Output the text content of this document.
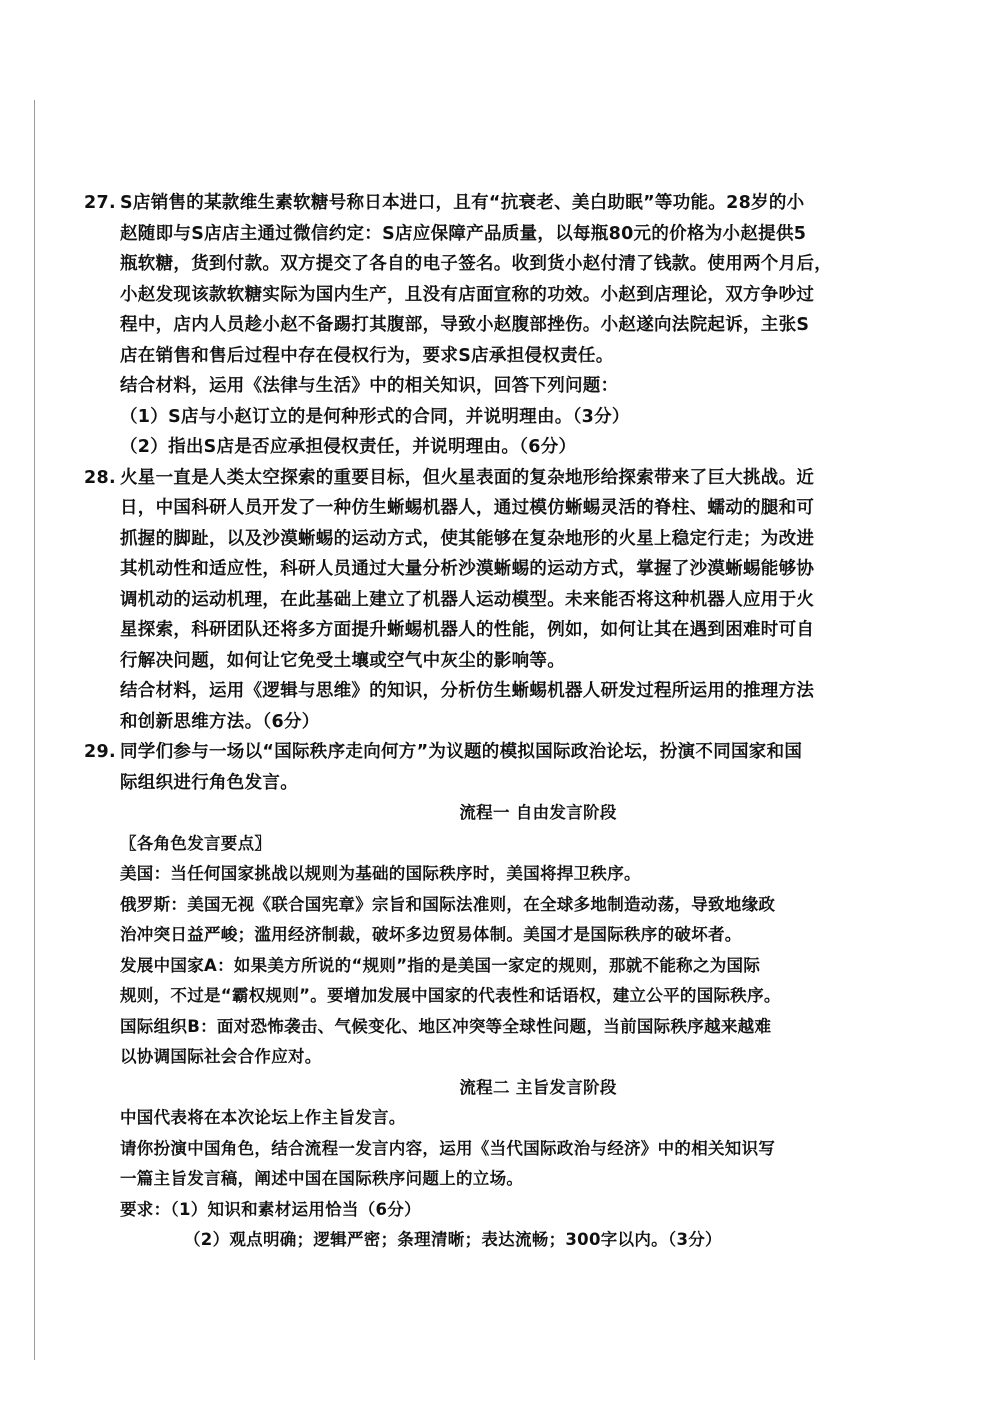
27. S店销售的某款维生素软糖号称日本进口，且有“抗衰老、美白助眠”等功能。28岁的小
赵随即与S店店主通过微信约定：S店应保障产品质量，以每瓶80元的价格为小赵提供5
瓶软糖，货到付款。双方提交了各自的电子签名。收到货小赵付清了钱款。使用两个月后，
小赵发现该款软糖实际为国内生产，且没有店面宣称的功效。小赵到店理论，双方争吵过
程中，店内人员趁小赵不备踢打其腹部，导致小赵腹部挫伤。小赵遂向法院起诉，主张S
店在销售和售后过程中存在侵权行为，要求S店承担侵权责任。
结合材料，运用《法律与生活》中的相关知识，回答下列问题：
（1）S店与小赵订立的是何种形式的合同，并说明理由。（3分）
（2）指出S店是否应承担侵权责任，并说明理由。（6分）
28. 火星一直是人类太空探索的重要目标，但火星表面的复杂地形给探索带来了巨大挑战。近
日，中国科研人员开发了一种仿生蜥蜴机器人，通过模仿蜥蜴灵活的脊柱、蠕动的腿和可
抓握的脚趾，以及沙漠蜥蜴的运动方式，使其能够在复杂地形的火星上稳定行走；为改进
其机动性和适应性，科研人员通过大量分析沙漠蜥蜴的运动方式，掌握了沙漠蜥蜴能够协
调机动的运动机理，在此基础上建立了机器人运动模型。未来能否将这种机器人应用于火
星探索，科研团队还将多方面提升蜥蜴机器人的性能，例如，如何让其在遇到困难时可自
行解决问题，如何让它免受土壤或空气中灰尘的影响等。
结合材料，运用《逻辑与思维》的知识，分析仿生蜥蜴机器人研发过程所运用的推理方法
和创新思维方法。（6分）
29. 同学们参与一场以“国际秩序走向何方”为议题的模拟国际政治论坛，扮演不同国家和国
际组织进行角色发言。
流程一 自由发言阶段
〖各角色发言要点〗
美国：当任何国家挑战以规则为基础的国际秩序时，美国将捍卫秩序。
俄罗斯：美国无视《联合国宪章》宗旨和国际法准则，在全球多地制造动荡，导致地缘政
治冲突日益严峻；滥用经济制裁，破坏多边贸易体制。美国才是国际秩序的破坏者。
发展中国家A：如果美方所说的“规则”指的是美国一家定的规则，那就不能称之为国际
规则，不过是“霸权规则”。要增加发展中国家的代表性和话语权，建立公平的国际秩序。
国际组织B：面对恐怖袭击、气候变化、地区冲突等全球性问题，当前国际秩序越来越难
以协调国际社会合作应对。
流程二 主旨发言阶段
中国代表将在本次论坛上作主旨发言。
请你扮演中国角色，结合流程一发言内容，运用《当代国际政治与经济》中的相关知识写
一篇主旨发言稿，阐述中国在国际秩序问题上的立场。
要求：（1）知识和素材运用恰当（6分）
（2）观点明确；逻辑严密；条理清晰；表达流畅；300字以内。（3分）
